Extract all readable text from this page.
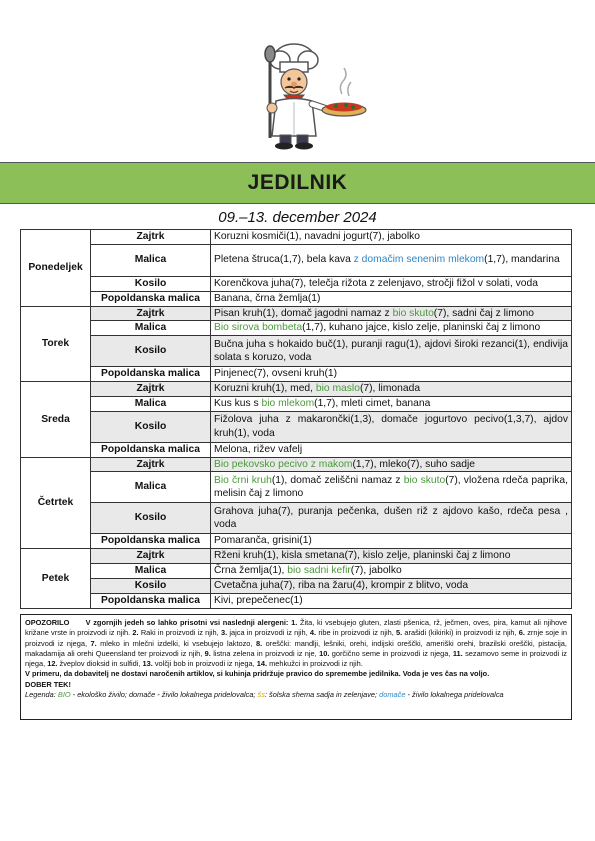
JEDILNIK
09.–13. december 2024
Ponedeljek	Zajtrk	Koruzni kosmiči(1), navadni jogurt(7), jabolko
	Malica	Pletena štruca(1,7), bela kava z domačim senenim mlekom(1,7), mandarina
	Kosilo	Korenčkova juha(7), telečja rižota z zelenjavo, stročji fižol v solati, voda
	Popoldanska malica	Banana, črna žemlja(1)
Torek	Zajtrk	Pisan kruh(1), domač jagodni namaz z bio skuto(7), sadni čaj z limono
	Malica	Bio sirova bombeta(1,7), kuhano jajce, kislo zelje, planinski čaj z limono
	Kosilo	Bučna juha s hokaido buč(1), puranji ragu(1), ajdovi široki rezanci(1), endivija solata s koruzo, voda
	Popoldanska malica	Pinjenec(7), ovseni kruh(1)
Sreda	Zajtrk	Koruzni kruh(1), med, bio maslo(7), limonada
	Malica	Kus kus s bio mlekom(1,7), mleti cimet, banana
	Kosilo	Fižolova juha z makarončki(1,3), domače jogurtovo pecivo(1,3,7), ajdov kruh(1), voda
	Popoldanska malica	Melona, rižev vafelj
Četrtek	Zajtrk	Bio pekovsko pecivo z makom(1,7), mleko(7), suho sadje
	Malica	Bio črni kruh(1), domač zeliščni namaz z bio skuto(7), vložena rdeča paprika, melisin čaj z limono
	Kosilo	Grahova juha(7), puranja pečenka, dušen riž z ajdovo kašo, rdeča pesa , voda
	Popoldanska malica	Pomaranča, grisini(1)
Petek	Zajtrk	Rženi kruh(1), kisla smetana(7), kislo zelje, planinski čaj z limono
	Malica	Črna žemlja(1), bio sadni kefir(7), jabolko
	Kosilo	Cvetačna juha(7), riba na žaru(4), krompir z blitvo, voda
	Popoldanska malica	Kivi, prepečenec(1)
OPOZORILO V zgornjih jedeh so lahko prisotni vsi naslednji alergeni: 1. Žita, ki vsebujejo gluten, zlasti pšenica, rž, ječmen, oves, pira, kamut ali njihove križane vrste in proizvodi iz njih. 2. Raki in proizvodi iz njih, 3. jajca in proizvodi iz njih, 4. ribe in proizvodi iz njih, 5. arašidi (kikiriki) in proizvodi iz njih, 6. zrnje soje in proizvodi iz njega, 7. mleko in mlečni izdelki, ki vsebujejo laktozo, 8. oreščki: mandlji, lešniki, orehi, indijski oreščki, ameriški orehi, brazilski oreščki, pistacija, makadamija ali orehi Queensland ter proizvodi iz njih, 9. listna zelena in proizvodi iz nje, 10. gorčično seme in proizvodi iz njega, 11. sezamovo seme in proizvodi iz njega, 12. žveplov dioksid in sulfidi, 13. volčji bob in proizvodi iz njega, 14. mehkužci in proizvodi iz njih.
V primeru, da dobavitelj ne dostavi naročenih artiklov, si kuhinja pridržuje pravico do spremembe jedilnika. Voda je ves čas na voljo.
DOBER TEK!
Legenda: BIO - ekološko živilo; domače - živilo lokalnega pridelovalca; šs: šolska shema sadja in zelenjave; domače - živilo lokalnega pridelovalca
